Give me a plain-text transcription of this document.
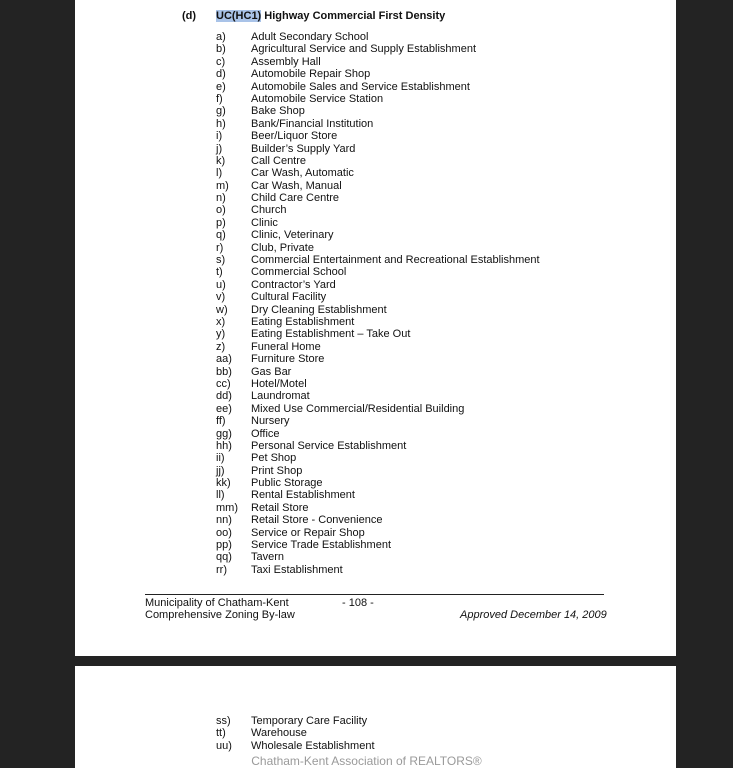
(d) UC(HC1) Highway Commercial First Density
a) Adult Secondary School
b) Agricultural Service and Supply Establishment
c) Assembly Hall
d) Automobile Repair Shop
e) Automobile Sales and Service Establishment
f)	Automobile Service Station
g) Bake Shop
h) Bank/Financial Institution
i)	Beer/Liquor Store
j)	Builder’s Supply Yard
k) Call Centre
l)	Car Wash, Automatic
m) Car Wash, Manual
n) Child Care Centre
o) Church
p) Clinic
q) Clinic, Veterinary
r)	Club, Private
s) Commercial Entertainment and Recreational Establishment
t)	Commercial School
u) Contractor’s Yard
v) Cultural Facility
w) Dry Cleaning Establishment
x) Eating Establishment
y) Eating Establishment – Take Out
z) Funeral Home
aa) Furniture Store
bb) Gas Bar
cc) Hotel/Motel
dd) Laundromat
ee) Mixed Use Commercial/Residential Building
ff) Nursery
gg) Office
hh) Personal Service Establishment
ii) Pet Shop
jj) Print Shop
kk) Public Storage
ll) Rental Establishment
mm) Retail Store
nn) Retail Store - Convenience
oo) Service or Repair Shop
pp) Service Trade Establishment
qq) Tavern
rr) Taxi Establishment
Municipality of Chatham-Kent	- 108 -
Comprehensive Zoning By-law	Approved December 14, 2009
ss) Temporary Care Facility
tt) Warehouse
uu) Wholesale Establishment
Chatham-Kent Association of REALTORS®
